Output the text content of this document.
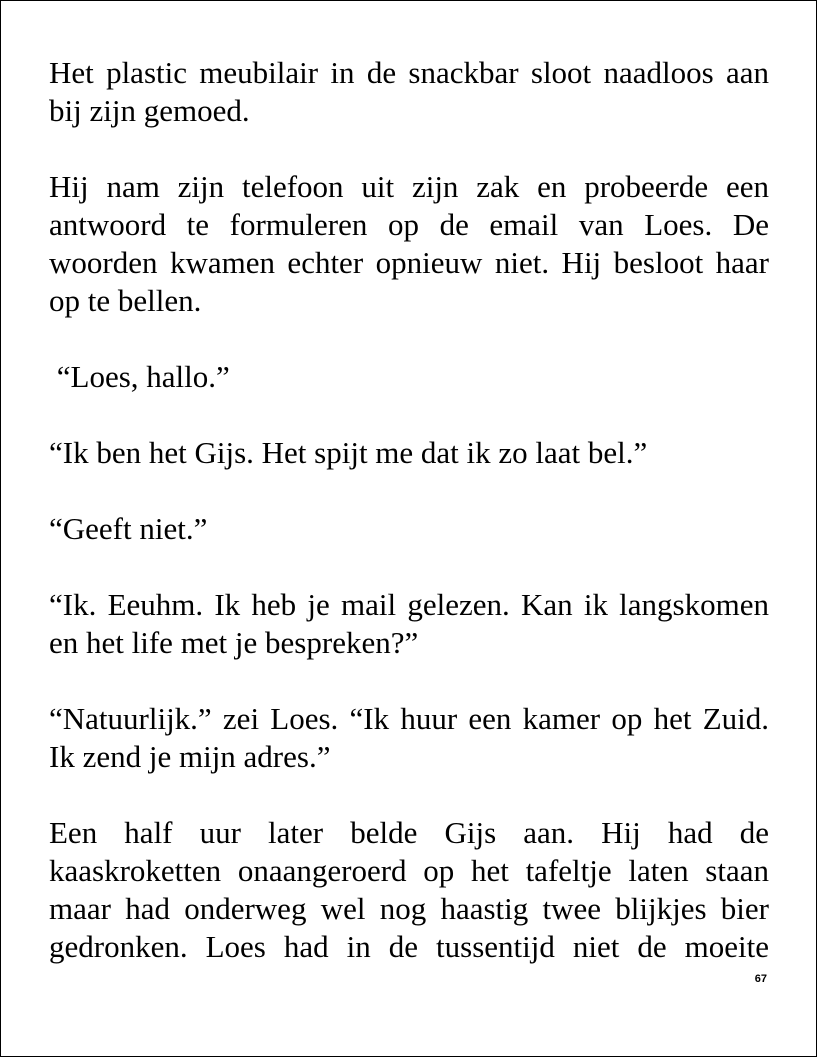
Het plastic meubilair in de snackbar sloot naadloos aan bij zijn gemoed.

Hij nam zijn telefoon uit zijn zak en probeerde een antwoord te formuleren op de email van Loes. De woorden kwamen echter opnieuw niet. Hij besloot haar op te bellen.

“Loes, hallo.”

“Ik ben het Gijs. Het spijt me dat ik zo laat bel.”

“Geeft niet.”

“Ik. Eeuhm. Ik heb je mail gelezen. Kan ik langskomen en het life met je bespreken?”

“Natuurlijk.” zei Loes. “Ik huur een kamer op het Zuid. Ik zend je mijn adres.”

Een half uur later belde Gijs aan. Hij had de kaaskroketten onaangeroerd op het tafeltje laten staan maar had onderweg wel nog haastig twee blijkjes bier gedronken. Loes had in de tussentijd niet de moeite

67
